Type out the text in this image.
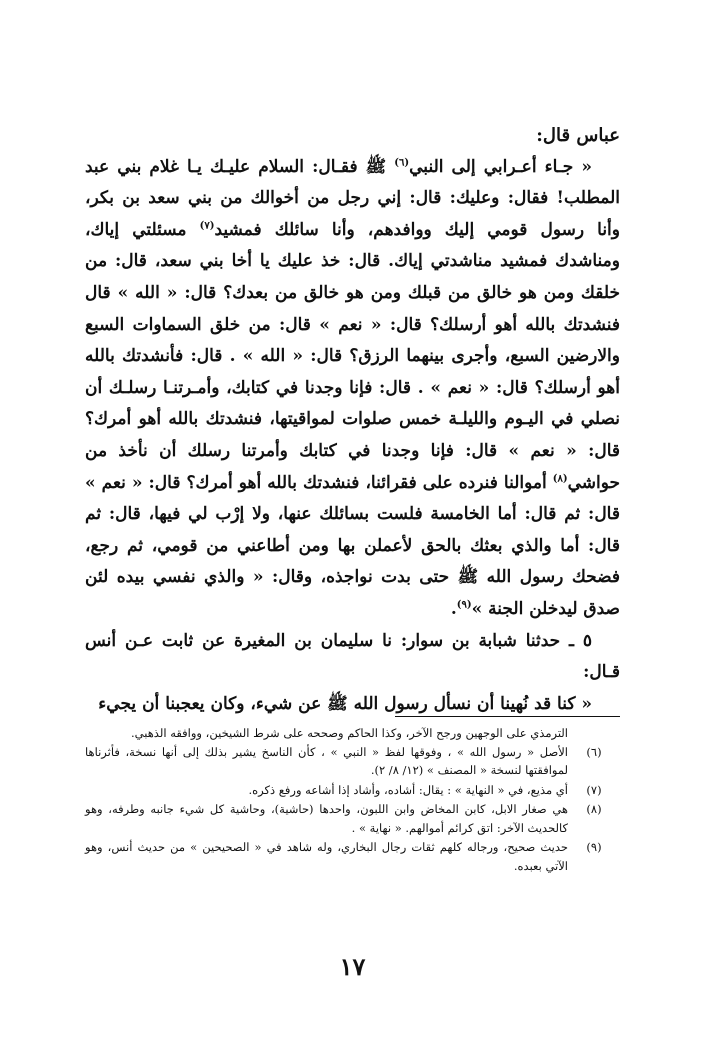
عباس قال:

« جـاء أعـرابي إلى النبي$^{(٦)}$ ﷺ فقـال: السلام عليـك يـا غلام بني عبد المطلب! فقال: وعليك: قال: إني رجل من أخوالك من بني سعد بن بكر، وأنا رسول قومي إليك ووافدهم، وأنا سائلك فمشيد$^{(٧)}$ مسئلتي إياك، ومناشدك فمشيد مناشدتي إياك. قال: خذ عليك يا أخا بني سعد، قال: من خلقك ومن هو خالق من قبلك ومن هو خالق من بعدك؟ قال: « الله » قال فنشدتك بالله أهو أرسلك؟ قال: « نعم » قال: من خلق السماوات السبع والارضين السبع، وأجرى بينهما الرزق؟ قال: « الله » . قال: فأنشدتك بالله أهو أرسلك؟ قال: « نعم » . قال: فإنا وجدنا في كتابك، وأمـرتنـا رسلـك أن نصلي في اليـوم والليلـة خمس صلوات لمواقيتها، فنشدتك بالله أهو أمرك؟ قال: « نعم » قال: فإنا وجدنا في كتابك وأمرتنا رسلك أن نأخذ من حواشي$^{(٨)}$ أموالنا فنرده على فقرائنا، فنشدتك بالله أهو أمرك؟ قال: « نعم » قال: ثم قال: أما الخامسة فلست بسائلك عنها، ولا إرْب لي فيها، قال: ثم قال: أما والذي بعثك بالحق لأعملن بها ومن أطاعني من قومي، ثم رجع، فضحك رسول الله ﷺ حتى بدت نواجذه، وقال: « والذي نفسي بيده لئن صدق ليدخلن الجنة »$^{(٩)}$.

٥ ـ حدثنا شبابة بن سوار: نا سليمان بن المغيرة عن ثابت عـن أنس قـال:

« كنا قد نُهينا أن نسأل رسول الله ﷺ عن شيء، وكان يعجبنا أن يجيء

الترمذي على الوجهين ورجح الآخر، وكذا الحاكم وصححه على شرط الشيخين، ووافقه الذهبي.
(٦)
الأصل « رسول الله » ، وفوقها لفظ « النبي » ، كأن الناسخ يشير بذلك إلى أنها نسخة، فأثرناها لموافقتها لنسخة « المصنف » (١٢/ ٨/ ٢).
(٧)
أي مذيع، في « النهاية » : يقال: أشاده، وأشاد إذا أشاعه ورفع ذكره.
(٨)
هي صغار الابل، كابن المخاض وابن اللبون، واحدها (حاشية)، وحاشية كل شيء جانبه وطرفه، وهو كالحديث الآخر: اتق كرائم أموالهم. « نهاية » .
(٩)
حديث صحيح، ورجاله كلهم ثقات رجال البخاري، وله شاهد في « الصحيحين » من حديث أنس، وهو الآتي بعبده.
١٧
